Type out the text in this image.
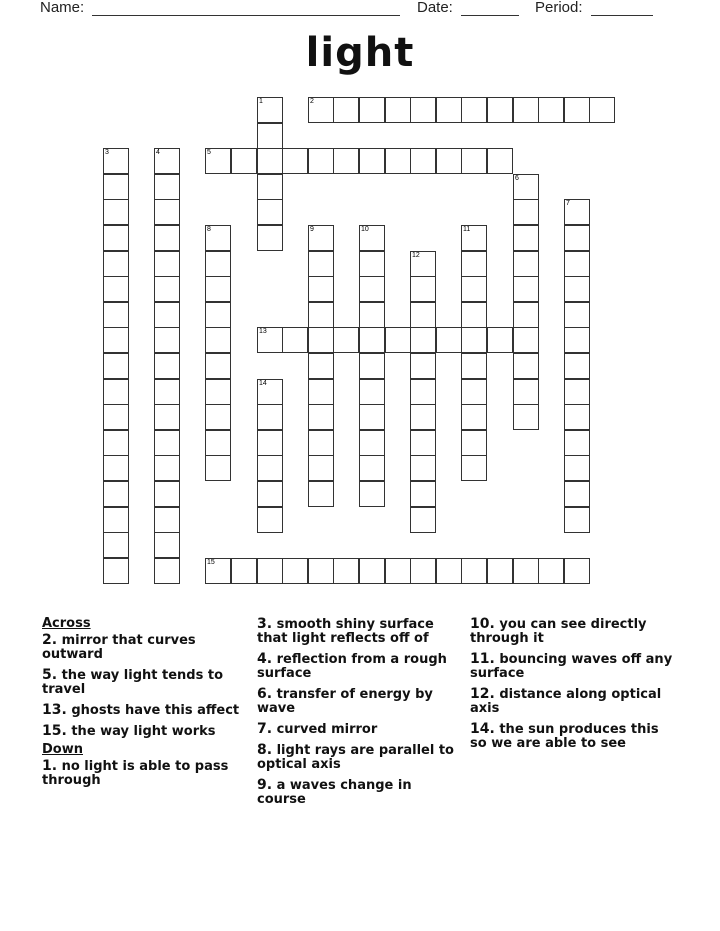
Name:	Date:	Period:
light
1	2
3	4	5
6
7
8	9	10	11
12
13
14
15
Across
2. mirror that curves outward
5. the way light tends to travel
13. ghosts have this affect
15. the way light works
Down
1. no light is able to pass through
3. smooth shiny surface that light reflects off of
4. reflection from a rough surface
6. transfer of energy by wave
7. curved mirror
8. light rays are parallel to optical axis
9. a waves change in course
10. you can see directly through it
11. bouncing waves off any surface
12. distance along optical axis
14. the sun produces this so we are able to see
